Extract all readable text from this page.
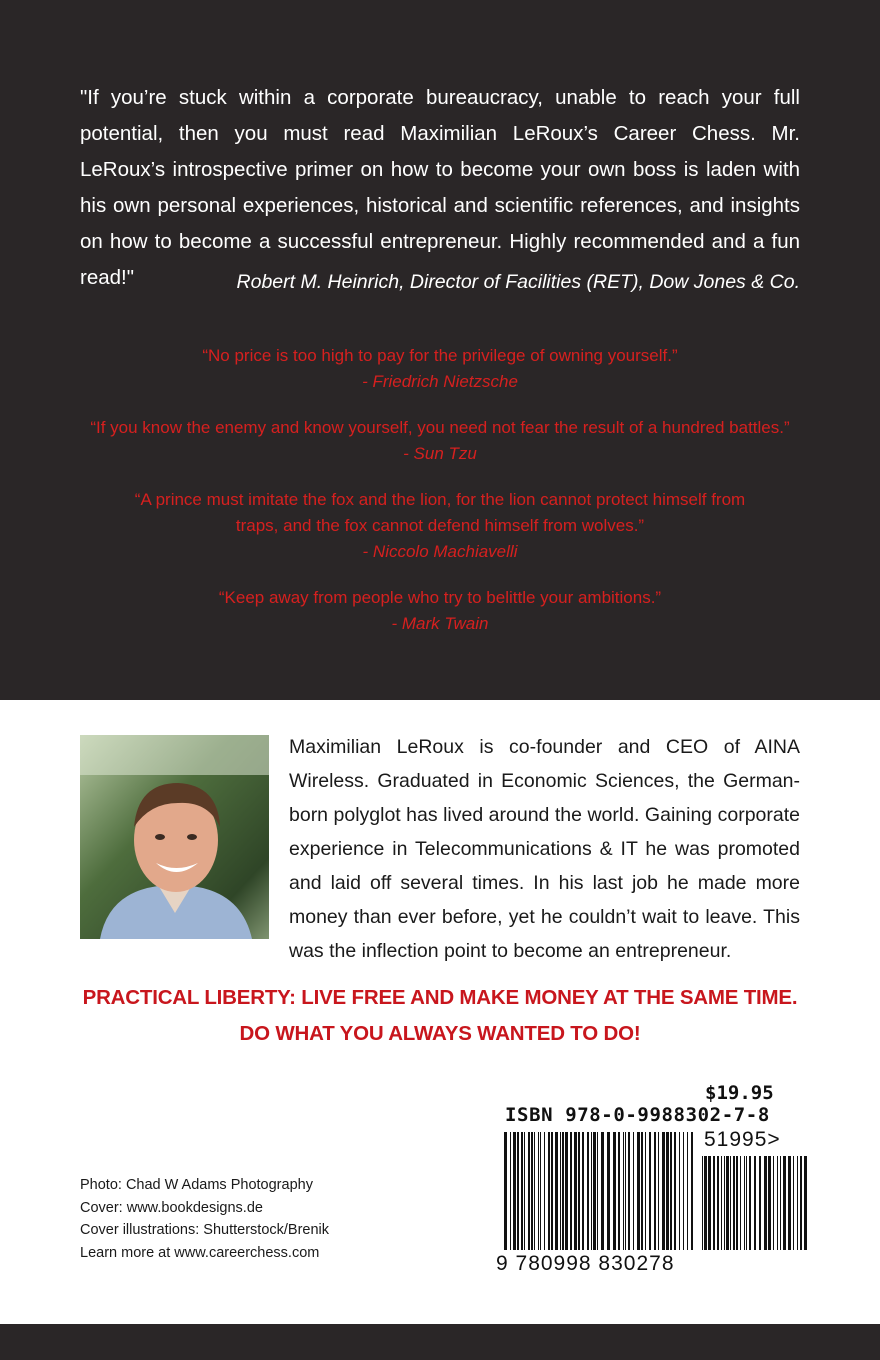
"If you’re stuck within a corporate bureaucracy, unable to reach your full potential, then you must read Maximilian LeRoux’s Career Chess. Mr. LeRoux’s introspective primer on how to become your own boss is laden with his own personal experiences, historical and scientific references, and insights on how to become a successful entrepreneur. Highly recommended and a fun read!"	Robert M. Heinrich, Director of Facilities (RET), Dow Jones & Co.

“No price is too high to pay for the privilege of owning yourself.”
- Friedrich Nietzsche
“If you know the enemy and know yourself, you need not fear the result of a hundred battles.”
- Sun Tzu
“A prince must imitate the fox and the lion, for the lion cannot protect himself from traps, and the fox cannot defend himself from wolves.”
- Niccolo Machiavelli
“Keep away from people who try to belittle your ambitions.”
- Mark Twain

Maximilian LeRoux is co-founder and CEO of AINA Wireless. Graduated in Economic Sciences, the German-born polyglot has lived around the world. Gaining corporate experience in Telecommunications & IT he was promoted and laid off several times. In his last job he made more money than ever before, yet he couldn’t wait to leave. This was the inflection point to become an entrepreneur.

PRACTICAL LIBERTY: LIVE FREE AND MAKE MONEY AT THE SAME TIME.

DO WHAT YOU ALWAYS WANTED TO DO!

Photo: Chad W Adams Photography
Cover: www.bookdesigns.de
Cover illustrations: Shutterstock/Brenik
Learn more at www.careerchess.com
$19.95
ISBN 978-0-9988302-7-8
51995>
9 780998 830278
